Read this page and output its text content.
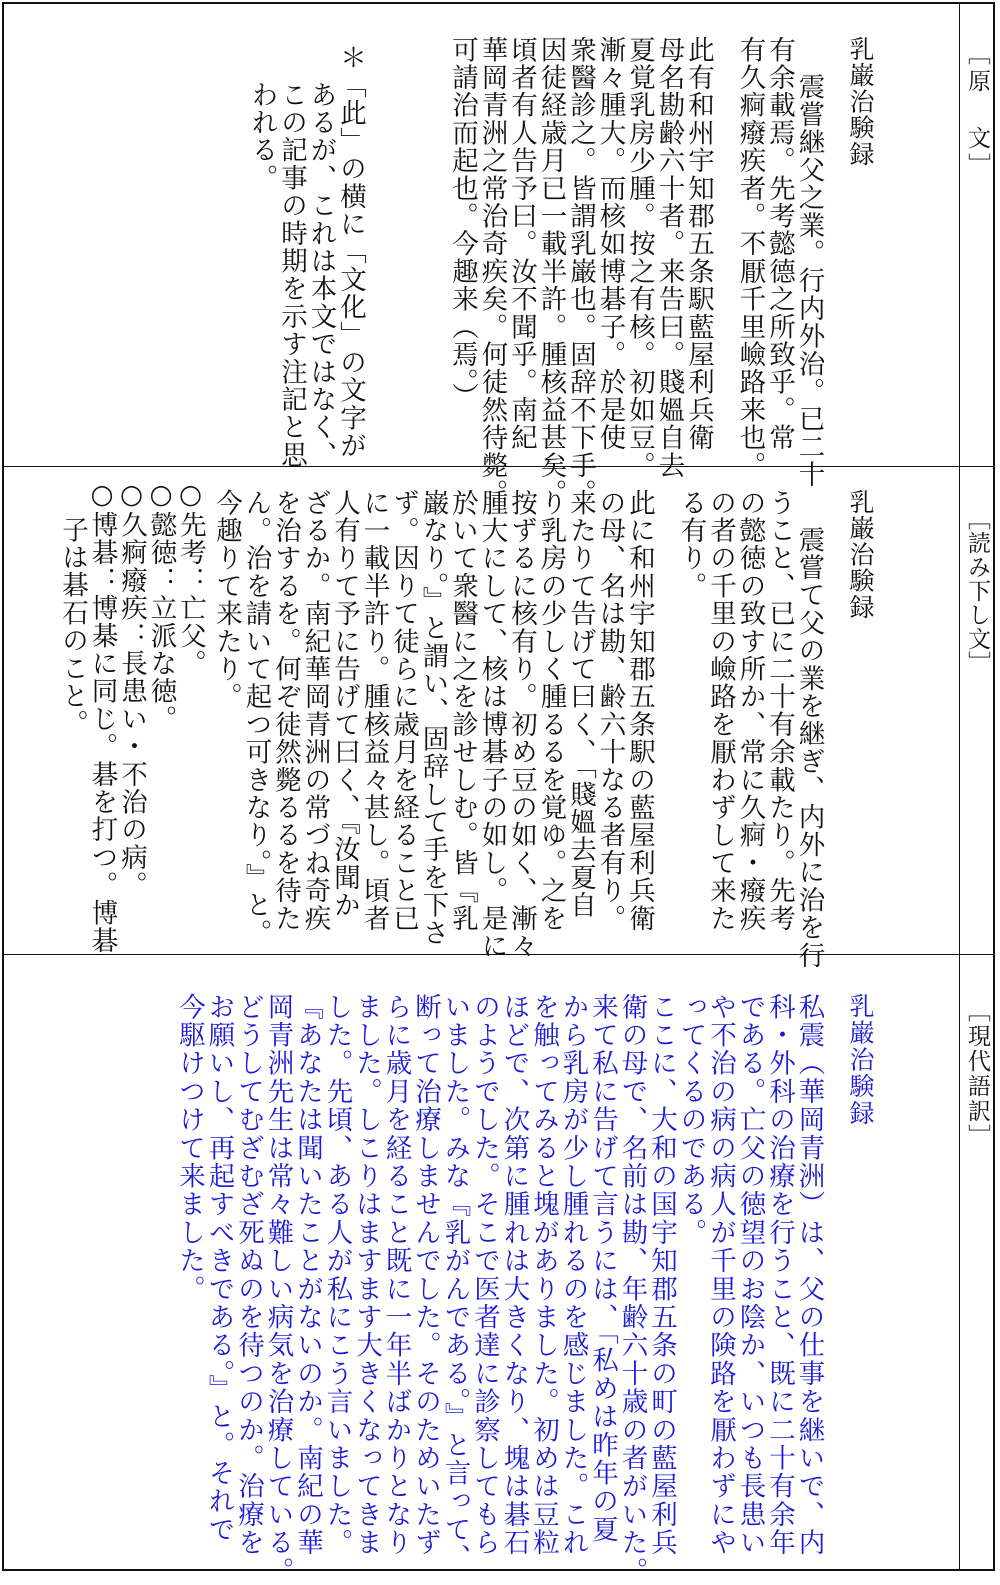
［原 文］
乳巌治験録
震嘗継父之業。行内外治。已二十
有余載焉。先考懿德之所致乎。常
有久痾癈疾者。不厭千里嶮路来也。
此有和州宇知郡五条駅藍屋利兵衛
母名勘齢六十者。来告曰。賤媼自去
夏覚乳房少腫。按之有核。初如豆。
漸々腫大。而核如博碁子。於是使
衆醫診之。皆謂乳巌也。固辞不下手。
因徒経歳月已一載半許。腫核益甚矣。
頃者有人告予曰。汝不聞乎。南紀
華岡青洲之常治奇疾矣。何徒然待斃。
可請治而起也。今趣来（焉。）
＊「此」の横に「文化」の文字が
あるが、これは本文ではなく、
この記事の時期を示す注記と思
われる。
［読み下し文］
乳巌治験録
震嘗て父の業を継ぎ、内外に治を行
うこと、已に二十有余載たり。先考
の懿徳の致す所か、常に久痾・癈疾
の者の千里の嶮路を厭わずして来た
る有り。
此に和州宇知郡五条駅の藍屋利兵衛
の母、名は勘、齢六十なる者有り。
来たりて告げて曰く、「賤媼去夏自
り乳房の少しく腫るるを覚ゆ。之を
按ずるに核有り。初め豆の如く、漸々
腫大にして、核は博碁子の如し。是に
於いて衆醫に之を診せしむ。皆『乳
巌なり。』と謂い、固辞して手を下さ
ず。因りて徒らに歳月を経ること已
に一載半許り。腫核益々甚し。頃者
人有りて予に告げて曰く、『汝聞か
ざるか。南紀華岡青洲の常づね奇疾
を治するを。何ぞ徒然斃るるを待た
ん。治を請いて起つ可きなり。』と。
今趣りて来たり。
○先考：亡父。
○懿徳：立派な徳。
○久痾癈疾：長患い・不治の病。
○博碁：博棊に同じ。碁を打つ。博碁
子は碁石のこと。
［現代語訳］
乳巌治験録
私震（華岡青洲）は、父の仕事を継いで、内
科・外科の治療を行うこと、既に二十有余年
である。亡父の徳望のお陰か、いつも長患い
や不治の病の病人が千里の険路を厭わずにや
ってくるのである。
ここに、大和の国宇知郡五条の町の藍屋利兵
衛の母で、名前は勘、年齢六十歳の者がいた。
来て私に告げて言うには、「私めは昨年の夏
から乳房が少し腫れるのを感じました。これ
を触ってみると塊がありました。初めは豆粒
ほどで、次第に腫れは大きくなり、塊は碁石
のようでした。そこで医者達に診察してもら
いました。みな『乳がんである。』と言って、
断って治療しませんでした。そのためいたず
らに歳月を経ること既に一年半ばかりとなり
ました。しこりはますます大きくなってきま
した。先頃、ある人が私にこう言いました。
『あなたは聞いたことがないのか。南紀の華
岡青洲先生は常々難しい病気を治療している。
どうしてむざむざ死ぬのを待つのか。治療を
お願いし、再起すべきである。』と。それで
今駆けつけて来ました。
